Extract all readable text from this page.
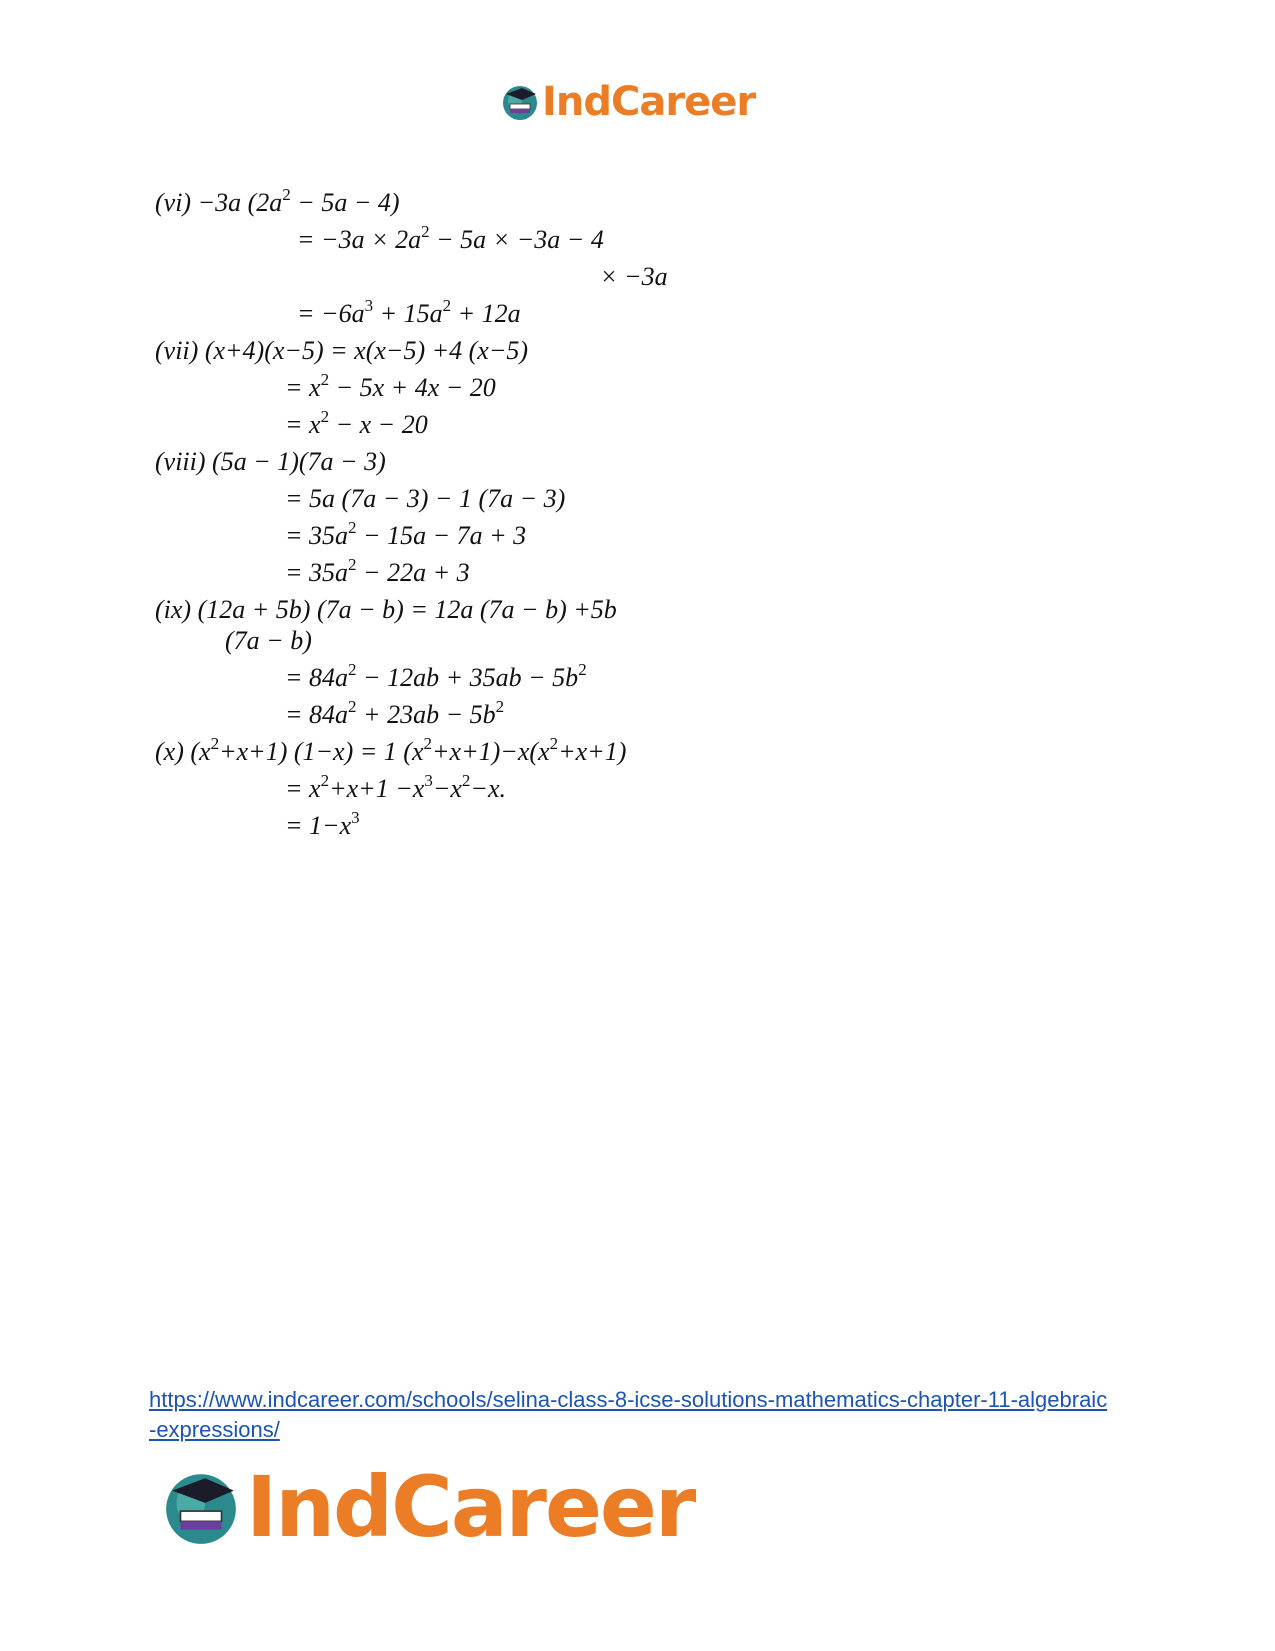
IndCareer
(vi) −3a $(2a^2 - 5a - 4)$
= $-3a \times 2a^2 - 5a \times -3a - 4$
× −3a
= $-6a^3 + 15a^2 + 12a$
(vii) (x+4)(x−5) = x(x−5) +4 (x−5)
= $x^2 - 5x + 4x - 20$
= $x^2 - x - 20$
(viii) (5a − 1)(7a − 3)
= 5a (7a − 3) − 1 (7a − 3)
= $35a^2 - 15a - 7a + 3$
= $35a^2 - 22a + 3$
(ix) (12a + 5b) (7a − b) = 12a (7a − b) +5b
(7a − b)
= $84a^2 - 12ab + 35ab - 5b^2$
= $84a^2 + 23ab - 5b^2$
(x) $(x^2+x+1) (1-x) = 1$ $(x^2+x+1)-x(x^2+x+1)$
= $x^2+x+1 -x^3-x^2-x$.
= $1-x^3$
https://www.indcareer.com/schools/selina-class-8-icse-solutions-mathematics-chapter-11-algebraic-expressions/
IndCareer
